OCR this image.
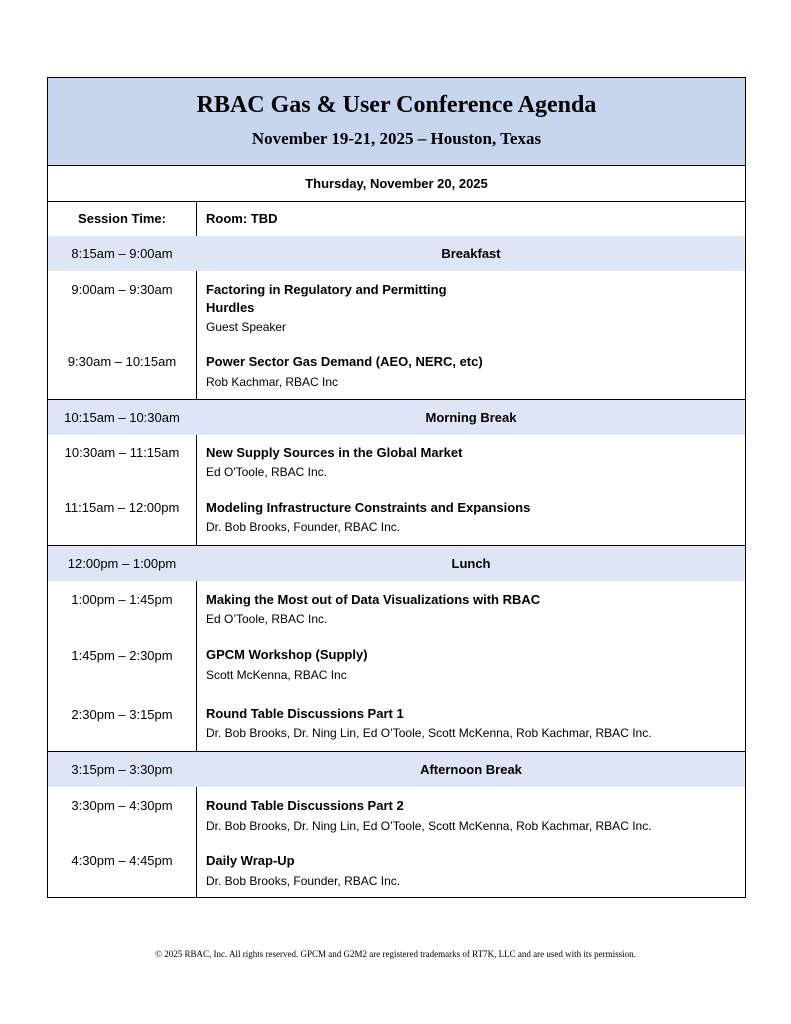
RBAC Gas & User Conference Agenda
November 19-21, 2025 – Houston, Texas
Thursday, November 20, 2025
Session Time:	Room: TBD
8:15am – 9:00am	Breakfast
9:00am – 9:30am	Factoring in Regulatory and Permitting Hurdles
Guest Speaker
9:30am – 10:15am	Power Sector Gas Demand (AEO, NERC, etc)
Rob Kachmar, RBAC Inc
10:15am – 10:30am	Morning Break
10:30am – 11:15am	New Supply Sources in the Global Market
Ed O'Toole, RBAC Inc.
11:15am – 12:00pm	Modeling Infrastructure Constraints and Expansions
Dr. Bob Brooks, Founder, RBAC Inc.
12:00pm – 1:00pm	Lunch
1:00pm – 1:45pm	Making the Most out of Data Visualizations with RBAC
Ed O’Toole, RBAC Inc.
1:45pm – 2:30pm	GPCM Workshop (Supply)
Scott McKenna, RBAC Inc
2:30pm – 3:15pm	Round Table Discussions Part 1
Dr. Bob Brooks, Dr. Ning Lin, Ed O’Toole, Scott McKenna, Rob Kachmar, RBAC Inc.
3:15pm – 3:30pm	Afternoon Break
3:30pm – 4:30pm	Round Table Discussions Part 2
Dr. Bob Brooks, Dr. Ning Lin, Ed O’Toole, Scott McKenna, Rob Kachmar, RBAC Inc.
4:30pm – 4:45pm	Daily Wrap-Up
Dr. Bob Brooks, Founder, RBAC Inc.
© 2025 RBAC, Inc. All rights reserved. GPCM and G2M2 are registered trademarks of RT7K, LLC and are used with its permission.
